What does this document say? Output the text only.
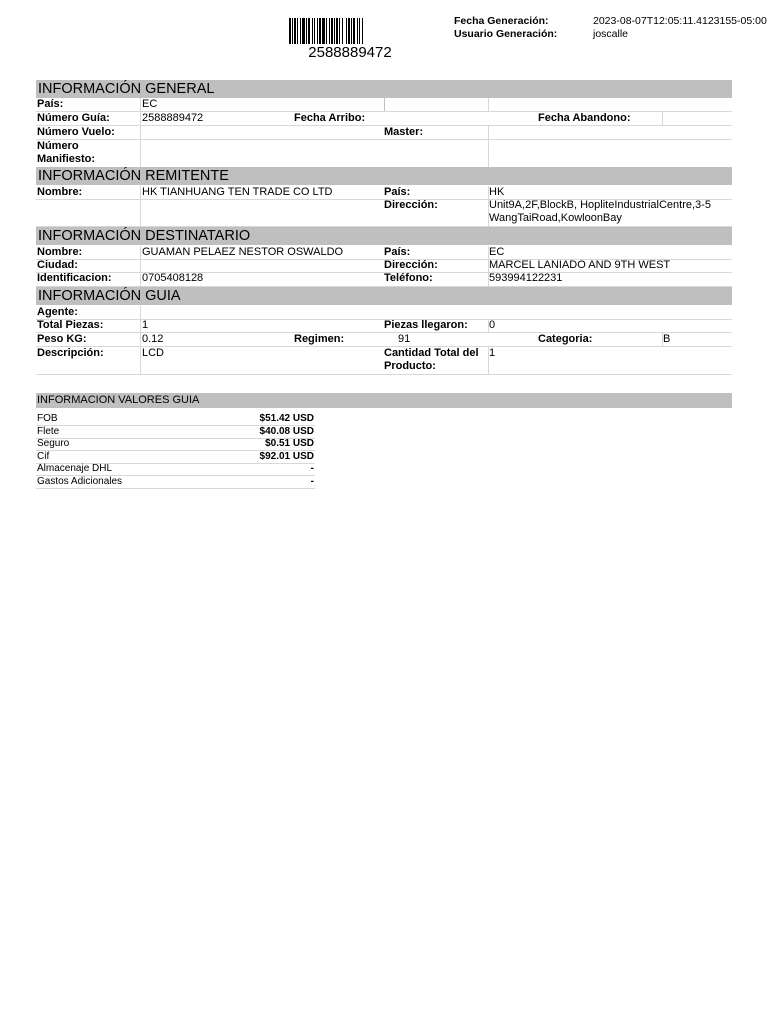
2588889472
Fecha Generación:	2023-08-07T12:05:11.4123155-05:00
Usuario Generación:	joscalle
INFORMACIÓN GENERAL
País:	EC
Número Guía:	2588889472	Fecha Arribo:	Fecha Abandono:
Número Vuelo:	Master:
Número
Manifiesto:
INFORMACIÓN REMITENTE
Nombre:	HK TIANHUANG TEN TRADE CO LTD	País:	HK
Dirección:	Unit9A,2F,BlockB, HopliteIndustrialCentre,3-5
WangTaiRoad,KowloonBay
INFORMACIÓN DESTINATARIO
Nombre:	GUAMAN PELAEZ NESTOR OSWALDO	País:	EC
Ciudad:	Dirección:	MARCEL LANIADO AND 9TH WEST
Identificacion:	0705408128	Teléfono:	593994122231
INFORMACIÓN GUIA
Agente:
Total Piezas:	1	Piezas llegaron: 0
Peso KG:	0.12	Regimen:	91	Categoria:	B
Descripción:	LCD	Cantidad Total del
Producto:
1
INFORMACION VALORES GUIA
FOB	$51.42 USD
Flete	$40.08 USD
Seguro	$0.51 USD
Cif	$92.01 USD
Almacenaje DHL	-
Gastos Adicionales	-
